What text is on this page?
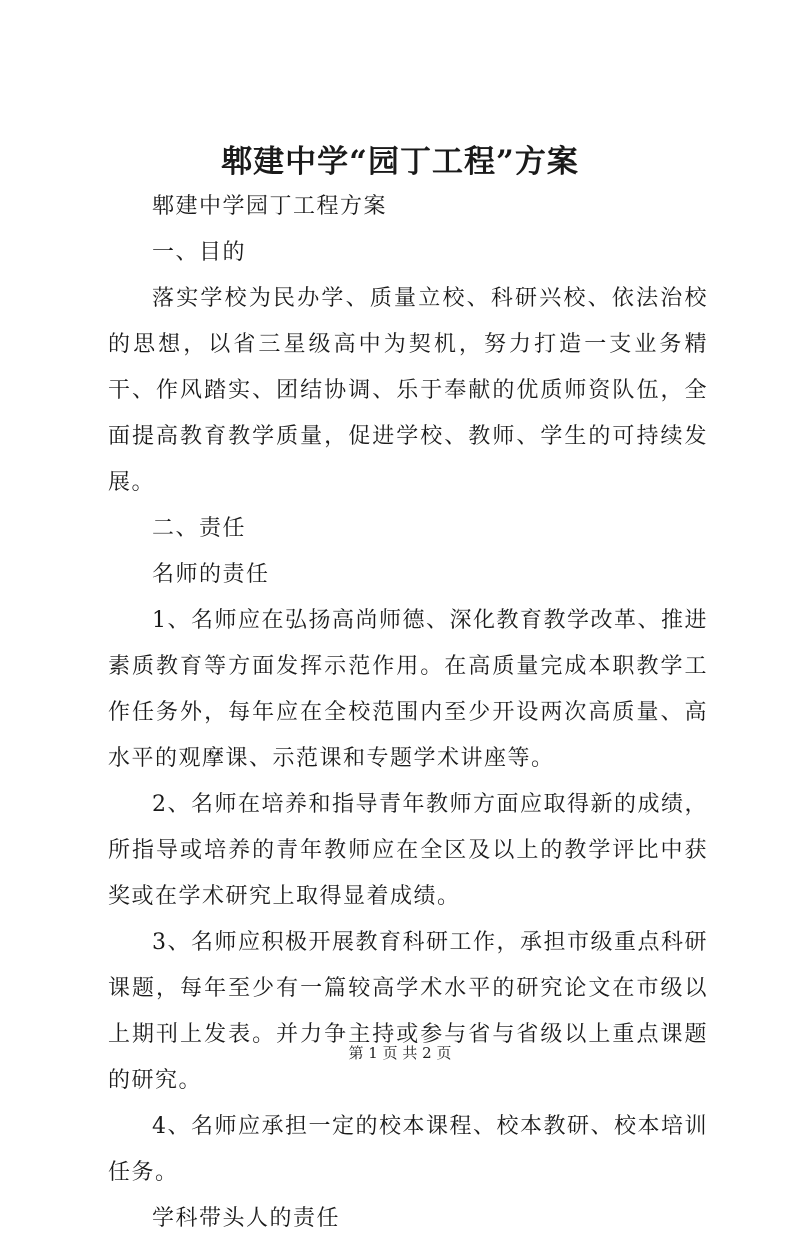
郫建中学“园丁工程”方案

郫建中学园丁工程方案

一、目的

落实学校为民办学、质量立校、科研兴校、依法治校的思想，以省三星级高中为契机，努力打造一支业务精干、作风踏实、团结协调、乐于奉献的优质师资队伍，全面提高教育教学质量，促进学校、教师、学生的可持续发展。

二、责任

名师的责任

1、名师应在弘扬高尚师德、深化教育教学改革、推进素质教育等方面发挥示范作用。在高质量完成本职教学工作任务外，每年应在全校范围内至少开设两次高质量、高水平的观摩课、示范课和专题学术讲座等。

2、名师在培养和指导青年教师方面应取得新的成绩，所指导或培养的青年教师应在全区及以上的教学评比中获奖或在学术研究上取得显着成绩。

3、名师应积极开展教育科研工作，承担市级重点科研课题，每年至少有一篇较高学术水平的研究论文在市级以上期刊上发表。并力争主持或参与省与省级以上重点课题的研究。

4、名师应承担一定的校本课程、校本教研、校本培训任务。

学科带头人的责任

第 1 页 共 2 页
